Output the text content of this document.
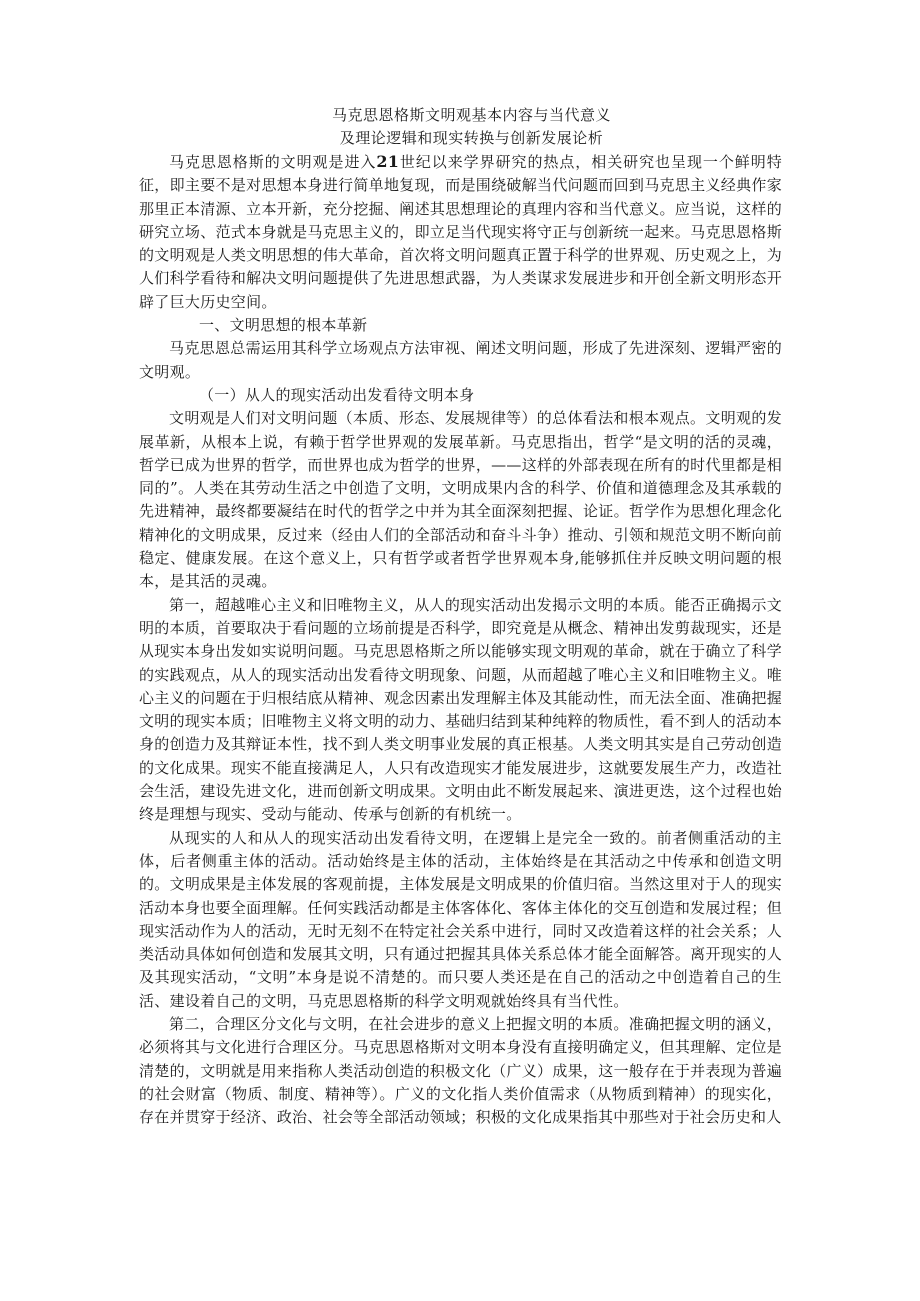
马克思恩格斯文明观基本内容与当代意义
及理论逻辑和现实转换与创新发展论析

马克思恩格斯的文明观是进入21世纪以来学界研究的热点，相关研究也呈现一个鲜明特征，即主要不是对思想本身进行简单地复现，而是围绕破解当代问题而回到马克思主义经典作家那里正本清源、立本开新，充分挖掘、阐述其思想理论的真理内容和当代意义。应当说，这样的研究立场、范式本身就是马克思主义的，即立足当代现实将守正与创新统一起来。马克思恩格斯的文明观是人类文明思想的伟大革命，首次将文明问题真正置于科学的世界观、历史观之上，为人们科学看待和解决文明问题提供了先进思想武器，为人类谋求发展进步和开创全新文明形态开辟了巨大历史空间。

一、文明思想的根本革新

马克思恩总需运用其科学立场观点方法审视、阐述文明问题，形成了先进深刻、逻辑严密的文明观。

（一）从人的现实活动出发看待文明本身

文明观是人们对文明问题（本质、形态、发展规律等）的总体看法和根本观点。文明观的发展革新，从根本上说，有赖于哲学世界观的发展革新。马克思指出，哲学“是文明的活的灵魂，哲学已成为世界的哲学，而世界也成为哲学的世界，——这样的外部表现在所有的时代里都是相同的”。人类在其劳动生活之中创造了文明，文明成果内含的科学、价值和道德理念及其承载的先进精神，最终都要凝结在时代的哲学之中并为其全面深刻把握、论证。哲学作为思想化理念化精神化的文明成果，反过来（经由人们的全部活动和奋斗斗争）推动、引领和规范文明不断向前稳定、健康发展。在这个意义上，只有哲学或者哲学世界观本身,能够抓住并反映文明问题的根本，是其活的灵魂。

第一，超越唯心主义和旧唯物主义，从人的现实活动出发揭示文明的本质。能否正确揭示文明的本质，首要取决于看问题的立场前提是否科学，即究竟是从概念、精神出发剪裁现实，还是从现实本身出发如实说明问题。马克思恩格斯之所以能够实现文明观的革命，就在于确立了科学的实践观点，从人的现实活动出发看待文明现象、问题，从而超越了唯心主义和旧唯物主义。唯心主义的问题在于归根结底从精神、观念因素出发理解主体及其能动性，而无法全面、准确把握文明的现实本质；旧唯物主义将文明的动力、基础归结到某种纯粹的物质性，看不到人的活动本身的创造力及其辩证本性，找不到人类文明事业发展的真正根基。人类文明其实是自己劳动创造的文化成果。现实不能直接满足人，人只有改造现实才能发展进步，这就要发展生产力，改造社会生活，建设先进文化，进而创新文明成果。文明由此不断发展起来、演进更迭，这个过程也始终是理想与现实、受动与能动、传承与创新的有机统一。

从现实的人和从人的现实活动出发看待文明，在逻辑上是完全一致的。前者侧重活动的主体，后者侧重主体的活动。活动始终是主体的活动，主体始终是在其活动之中传承和创造文明的。文明成果是主体发展的客观前提，主体发展是文明成果的价值归宿。当然这里对于人的现实活动本身也要全面理解。任何实践活动都是主体客体化、客体主体化的交互创造和发展过程；但现实活动作为人的活动，无时无刻不在特定社会关系中进行，同时又改造着这样的社会关系；人类活动具体如何创造和发展其文明，只有通过把握其具体关系总体才能全面解答。离开现实的人及其现实活动，“文明”本身是说不清楚的。而只要人类还是在自己的活动之中创造着自己的生活、建设着自己的文明，马克思恩格斯的科学文明观就始终具有当代性。

第二，合理区分文化与文明，在社会进步的意义上把握文明的本质。准确把握文明的涵义，必须将其与文化进行合理区分。马克思恩格斯对文明本身没有直接明确定义，但其理解、定位是清楚的，文明就是用来指称人类活动创造的积极文化（广义）成果，这一般存在于并表现为普遍的社会财富（物质、制度、精神等）。广义的文化指人类价值需求（从物质到精神）的现实化，存在并贯穿于经济、政治、社会等全部活动领域；积极的文化成果指其中那些对于社会历史和人
